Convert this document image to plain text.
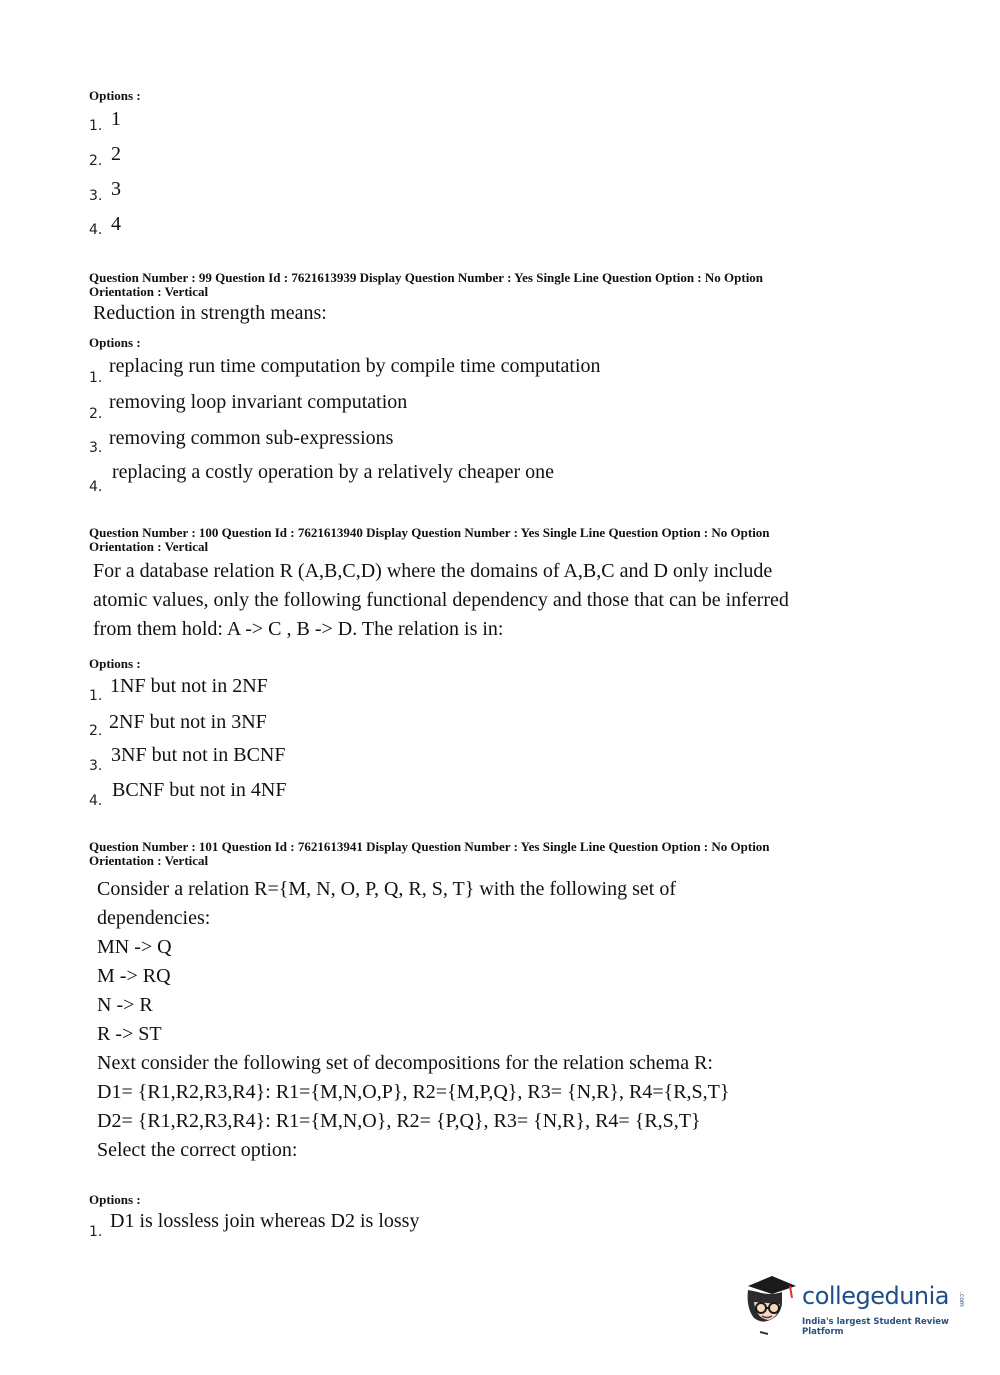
Options :
1. 1
2. 2
3. 3
4. 4
Question Number : 99 Question Id : 7621613939 Display Question Number : Yes Single Line Question Option : No Option
Orientation : Vertical
Reduction in strength means:
Options :
1.
replacing run time computation by compile time computation
2.
removing loop invariant computation
3. removing common sub-expressions
4.
replacing a costly operation by a relatively cheaper one
Question Number : 100 Question Id : 7621613940 Display Question Number : Yes Single Line Question Option : No Option
Orientation : Vertical
For a database relation R (A,B,C,D) where the domains of A,B,C and D only include
atomic values, only the following functional dependency and those that can be inferred
from them hold: A -> C , B -> D. The relation is in:
Options :
1. 1NF but not in 2NF
2. 2NF but not in 3NF
3. 3NF but not in BCNF
4. BCNF but not in 4NF
Question Number : 101 Question Id : 7621613941 Display Question Number : Yes Single Line Question Option : No Option
Orientation : Vertical
Consider a relation R={M, N, O, P, Q, R, S, T} with the following set of
dependencies:
MN -> Q
M -> RQ
N -> R
R -> ST
Next consider the following set of decompositions for the relation schema R:
D1= {R1,R2,R3,R4}: R1={M,N,O,P}, R2={M,P,Q}, R3= {N,R}, R4={R,S,T}
D2= {R1,R2,R3,R4}: R1={M,N,O}, R2= {P,Q}, R3= {N,R}, R4= {R,S,T}
Select the correct option:
Options :
1. D1 is lossless join whereas D2 is lossy
collegedunia .com
India's largest Student Review Platform
